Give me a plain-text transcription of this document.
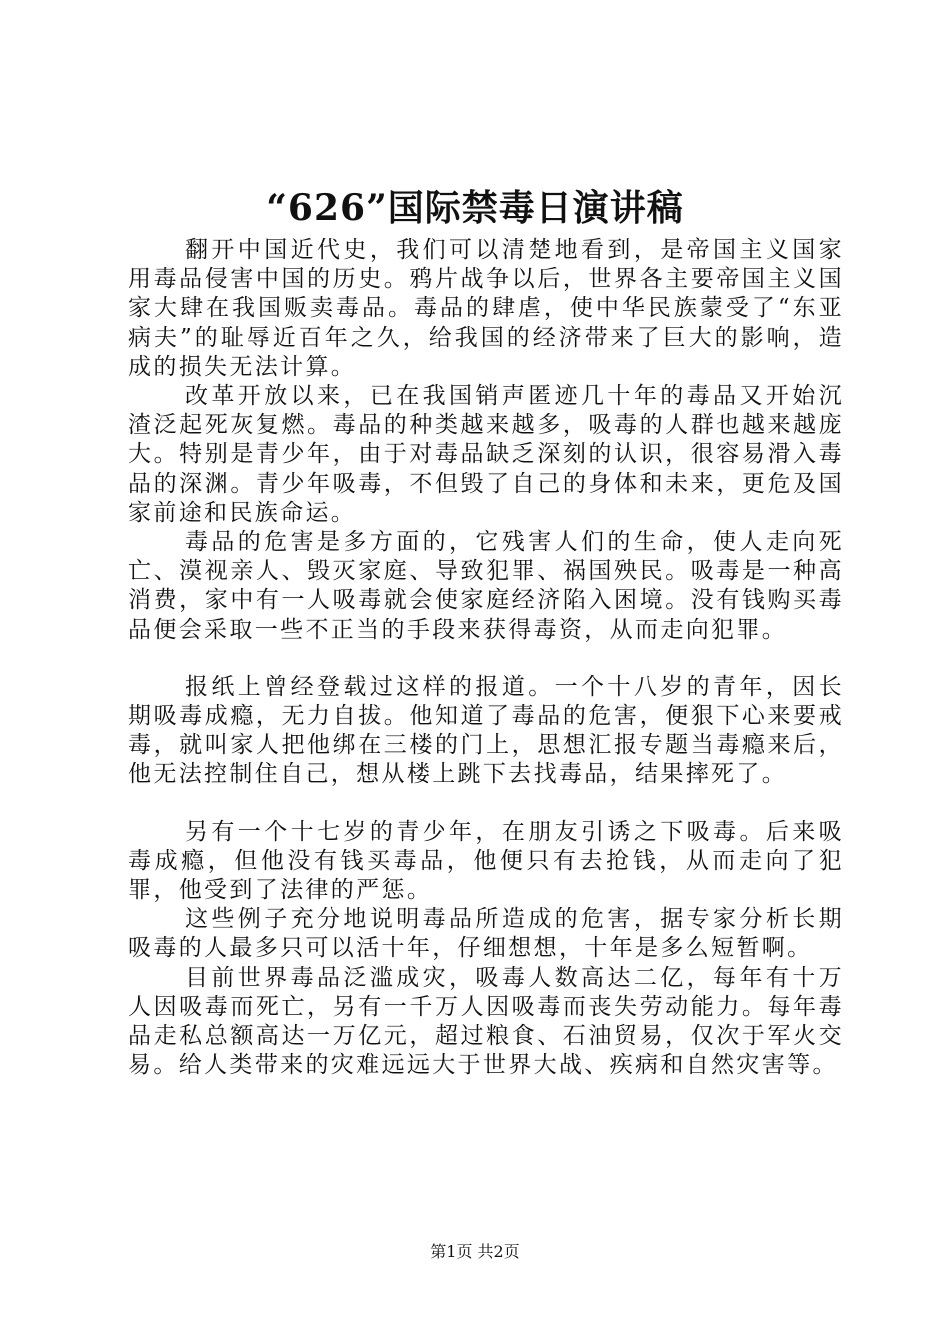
“626”国际禁毒日演讲稿

翻开中国近代史，我们可以清楚地看到，是帝国主义国家用毒品侵害中国的历史。鸦片战争以后，世界各主要帝国主义国家大肆在我国贩卖毒品。毒品的肆虐，使中华民族蒙受了“东亚病夫”的耻辱近百年之久，给我国的经济带来了巨大的影响，造成的损失无法计算。

改革开放以来，已在我国销声匿迹几十年的毒品又开始沉渣泛起死灰复燃。毒品的种类越来越多，吸毒的人群也越来越庞大。特别是青少年，由于对毒品缺乏深刻的认识，很容易滑入毒品的深渊。青少年吸毒，不但毁了自己的身体和未来，更危及国家前途和民族命运。

毒品的危害是多方面的，它残害人们的生命，使人走向死亡、漠视亲人、毁灭家庭、导致犯罪、祸国殃民。吸毒是一种高消费，家中有一人吸毒就会使家庭经济陷入困境。没有钱购买毒品便会采取一些不正当的手段来获得毒资，从而走向犯罪。

报纸上曾经登载过这样的报道。一个十八岁的青年，因长期吸毒成瘾，无力自拔。他知道了毒品的危害，便狠下心来要戒毒，就叫家人把他绑在三楼的门上，思想汇报专题当毒瘾来后，他无法控制住自己，想从楼上跳下去找毒品，结果摔死了。

另有一个十七岁的青少年，在朋友引诱之下吸毒。后来吸毒成瘾，但他没有钱买毒品，他便只有去抢钱，从而走向了犯罪，他受到了法律的严惩。

这些例子充分地说明毒品所造成的危害，据专家分析长期吸毒的人最多只可以活十年，仔细想想，十年是多么短暂啊。

目前世界毒品泛滥成灾，吸毒人数高达二亿，每年有十万人因吸毒而死亡，另有一千万人因吸毒而丧失劳动能力。每年毒品走私总额高达一万亿元，超过粮食、石油贸易，仅次于军火交易。给人类带来的灾难远远大于世界大战、疾病和自然灾害等。

第1页 共2页
